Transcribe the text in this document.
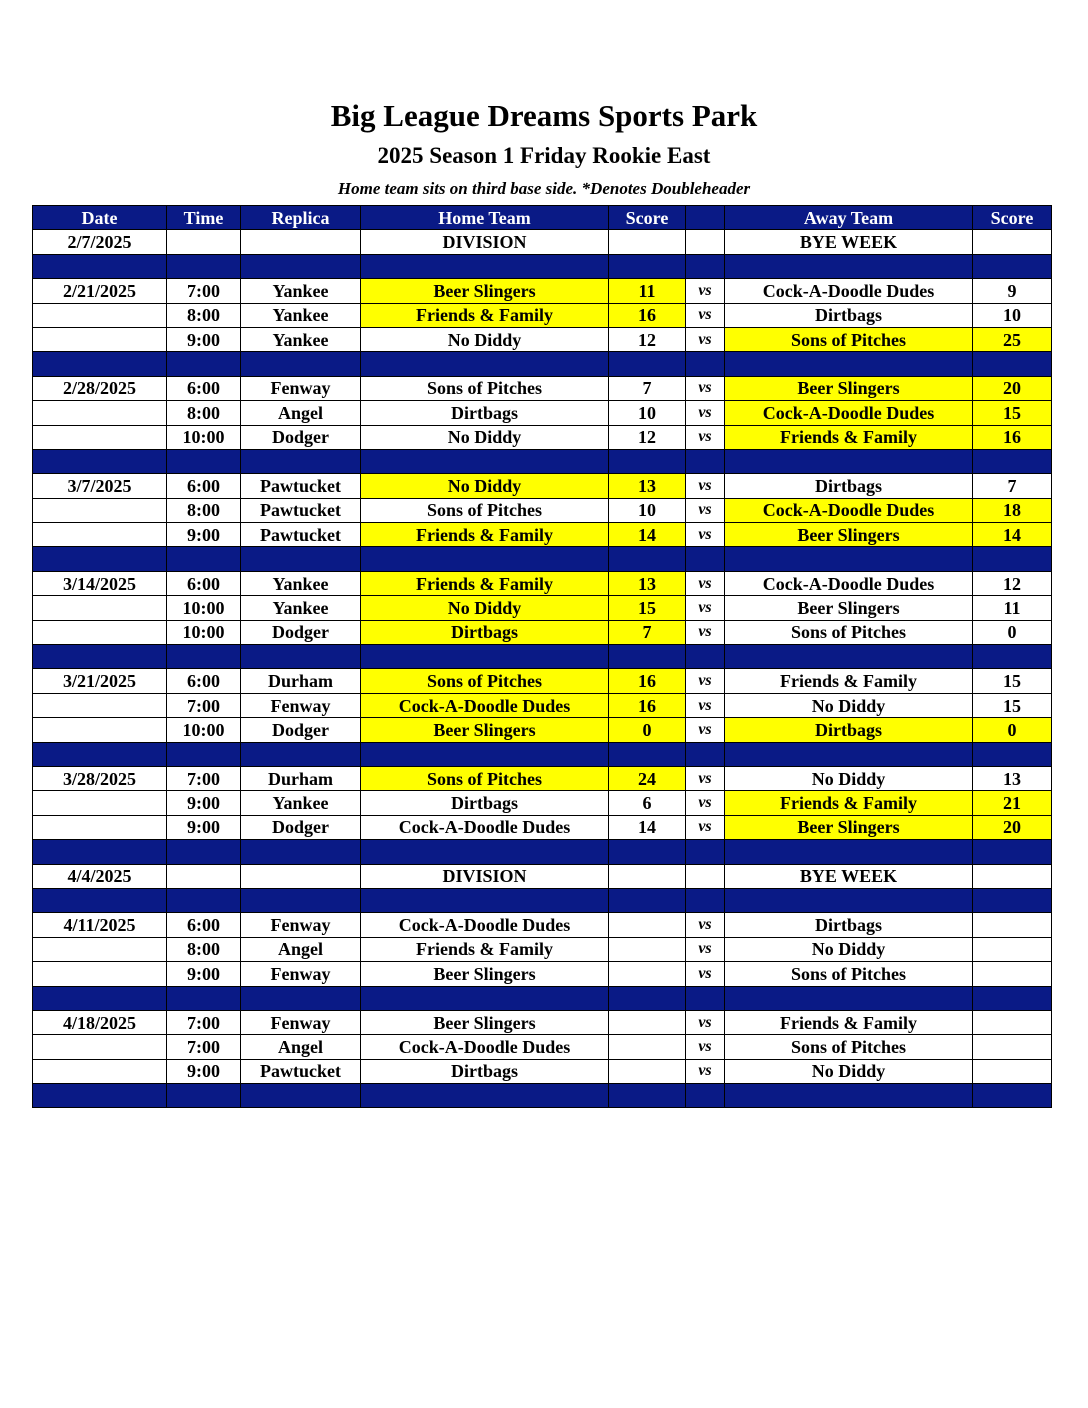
Big League Dreams Sports Park
2025 Season 1 Friday Rookie East
Home team sits on third base side. *Denotes Doubleheader
Date	Time	Replica	Home Team	Score		Away Team	Score
2/7/2025			DIVISION			BYE WEEK	

2/21/2025	7:00	Yankee	Beer Slingers	11	vs	Cock-A-Doodle Dudes	9
	8:00	Yankee	Friends & Family	16	vs	Dirtbags	10
	9:00	Yankee	No Diddy	12	vs	Sons of Pitches	25

2/28/2025	6:00	Fenway	Sons of Pitches	7	vs	Beer Slingers	20
	8:00	Angel	Dirtbags	10	vs	Cock-A-Doodle Dudes	15
	10:00	Dodger	No Diddy	12	vs	Friends & Family	16

3/7/2025	6:00	Pawtucket	No Diddy	13	vs	Dirtbags	7
	8:00	Pawtucket	Sons of Pitches	10	vs	Cock-A-Doodle Dudes	18
	9:00	Pawtucket	Friends & Family	14	vs	Beer Slingers	14

3/14/2025	6:00	Yankee	Friends & Family	13	vs	Cock-A-Doodle Dudes	12
	10:00	Yankee	No Diddy	15	vs	Beer Slingers	11
	10:00	Dodger	Dirtbags	7	vs	Sons of Pitches	0

3/21/2025	6:00	Durham	Sons of Pitches	16	vs	Friends & Family	15
	7:00	Fenway	Cock-A-Doodle Dudes	16	vs	No Diddy	15
	10:00	Dodger	Beer Slingers	0	vs	Dirtbags	0

3/28/2025	7:00	Durham	Sons of Pitches	24	vs	No Diddy	13
	9:00	Yankee	Dirtbags	6	vs	Friends & Family	21
	9:00	Dodger	Cock-A-Doodle Dudes	14	vs	Beer Slingers	20

4/4/2025			DIVISION			BYE WEEK	

4/11/2025	6:00	Fenway	Cock-A-Doodle Dudes		vs	Dirtbags	
	8:00	Angel	Friends & Family		vs	No Diddy	
	9:00	Fenway	Beer Slingers		vs	Sons of Pitches	

4/18/2025	7:00	Fenway	Beer Slingers		vs	Friends & Family	
	7:00	Angel	Cock-A-Doodle Dudes		vs	Sons of Pitches	
	9:00	Pawtucket	Dirtbags		vs	No Diddy	
